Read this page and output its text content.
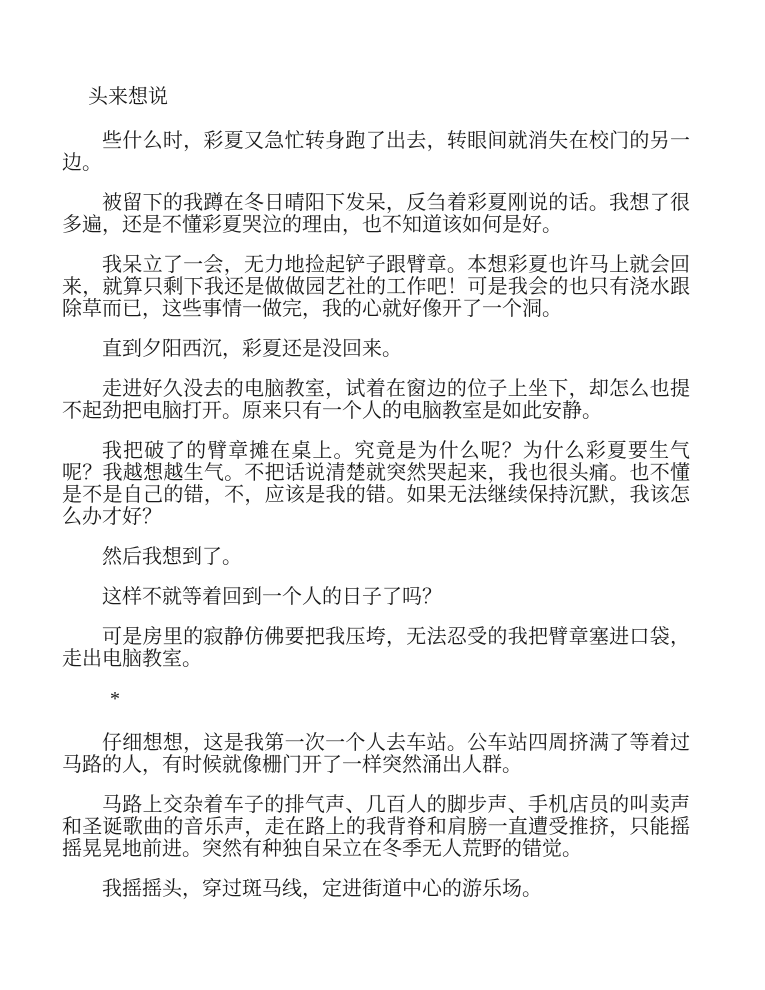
头来想说

些什么时，彩夏又急忙转身跑了出去，转眼间就消失在校门的另一边。

被留下的我蹲在冬日晴阳下发呆，反刍着彩夏刚说的话。我想了很多遍，还是不懂彩夏哭泣的理由，也不知道该如何是好。

我呆立了一会，无力地捡起铲子跟臂章。本想彩夏也许马上就会回来，就算只剩下我还是做做园艺社的工作吧！可是我会的也只有浇水跟除草而已，这些事情一做完，我的心就好像开了一个洞。

直到夕阳西沉，彩夏还是没回来。

走进好久没去的电脑教室，试着在窗边的位子上坐下，却怎么也提不起劲把电脑打开。原来只有一个人的电脑教室是如此安静。

我把破了的臂章摊在桌上。究竟是为什么呢？为什么彩夏要生气呢？我越想越生气。不把话说清楚就突然哭起来，我也很头痛。也不懂是不是自己的错，不，应该是我的错。如果无法继续保持沉默，我该怎么办才好？

然后我想到了。

这样不就等着回到一个人的日子了吗？

可是房里的寂静仿佛要把我压垮，无法忍受的我把臂章塞进口袋，走出电脑教室。

*

仔细想想，这是我第一次一个人去车站。公车站四周挤满了等着过马路的人，有时候就像栅门开了一样突然涌出人群。

马路上交杂着车子的排气声、几百人的脚步声、手机店员的叫卖声和圣诞歌曲的音乐声，走在路上的我背脊和肩膀一直遭受推挤，只能摇摇晃晃地前进。突然有种独自呆立在冬季无人荒野的错觉。

我摇摇头，穿过斑马线，定进街道中心的游乐场。
